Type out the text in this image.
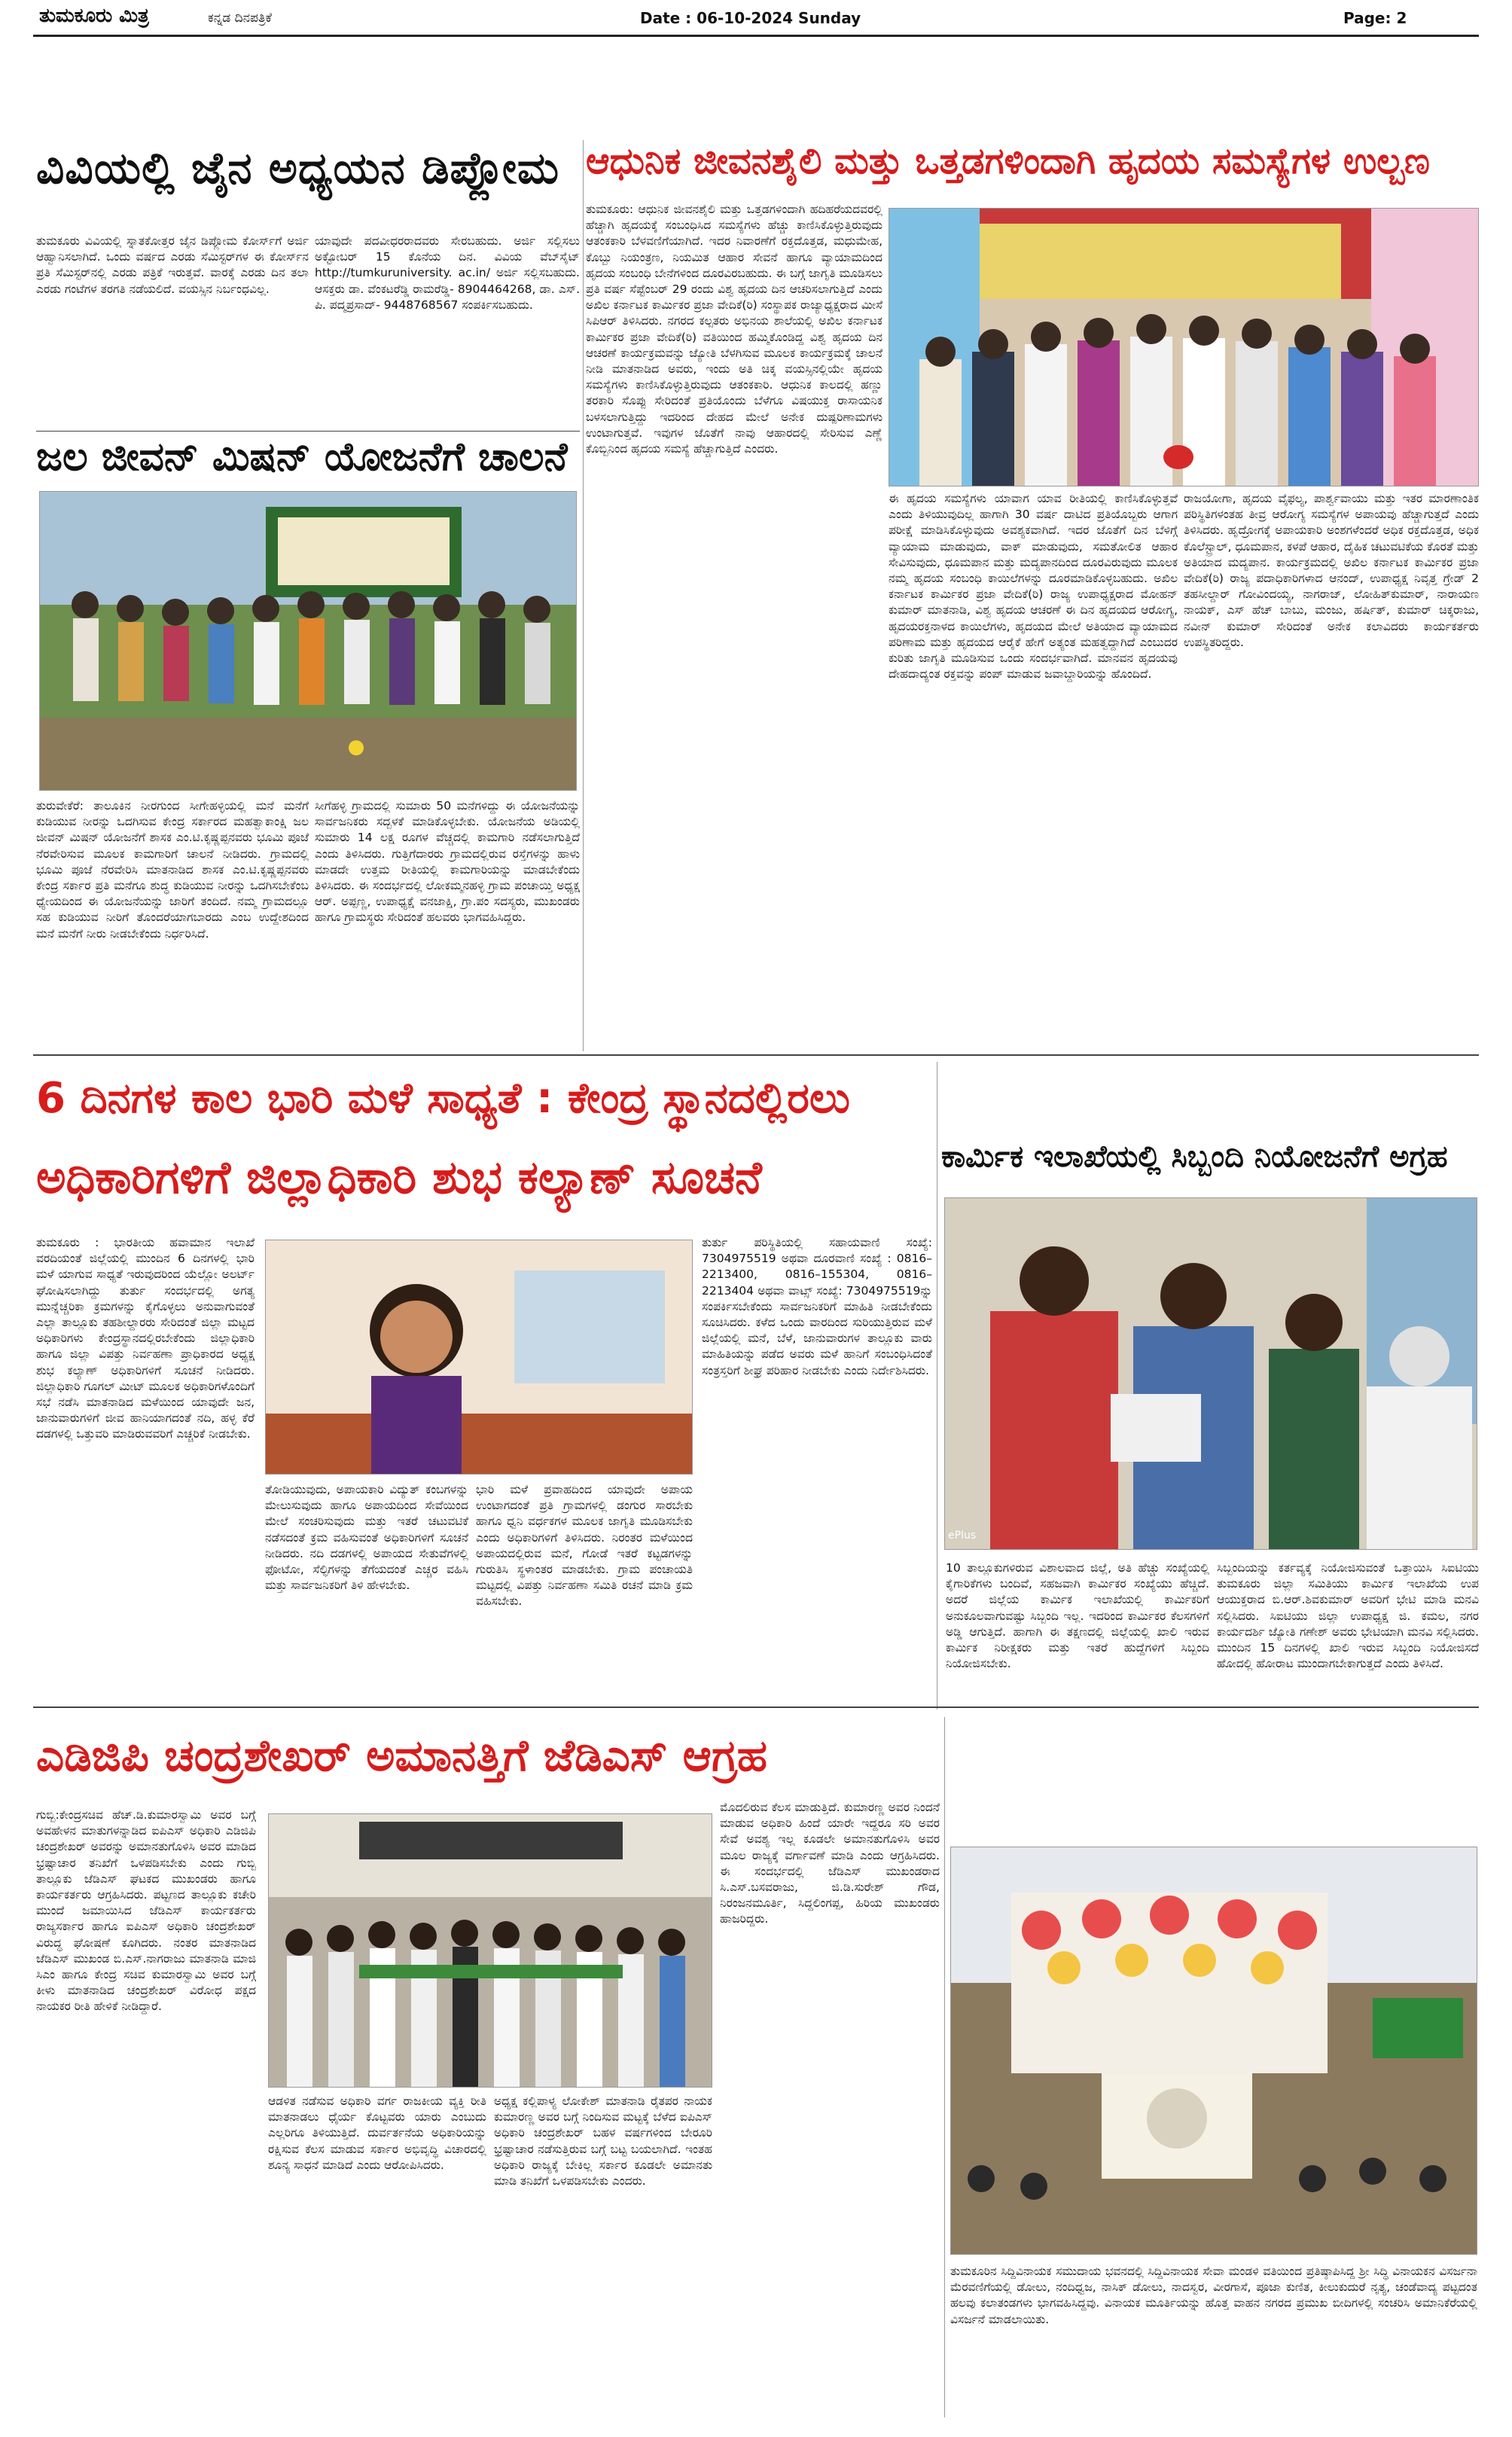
ತುಮಕೂರು ಮಿತ್ರ	ಕನ್ನಡ ದಿನಪತ್ರಿಕೆ	Date : 06-10-2024 Sunday	Page: 2
ವಿವಿಯಲ್ಲಿ ಜೈನ ಅಧ್ಯಯನ ಡಿಪ್ಲೋಮ
ತುಮಕೂರು ವಿವಿಯಲ್ಲಿ ಸ್ನಾತಕೋತ್ತರ ಜೈನ ಡಿಪ್ಲೋಮ ಕೋರ್ಸ್‌ಗೆ ಅರ್ಜಿ ಆಹ್ವಾನಿಸಲಾಗಿದೆ. ಒಂದು ವರ್ಷದ ಎರಡು ಸೆಮಿಸ್ಟರ್‌ಗಳ ಈ ಕೋರ್ಸ್‌ನ ಪ್ರತಿ ಸೆಮಿಸ್ಟರ್‌ನಲ್ಲಿ ಎರಡು ಪತ್ರಿಕೆ ಇರುತ್ತವೆ. ವಾರಕ್ಕೆ ಎರಡು ದಿನ ತಲಾ ಎರಡು ಗಂಟೆಗಳ ತರಗತಿ ನಡೆಯಲಿದೆ. ವಯಸ್ಸಿನ ನಿರ್ಬಂಧವಿಲ್ಲ.
ಯಾವುದೇ ಪದವೀಧರರಾದವರು ಸೇರಬಹುದು. ಅರ್ಜಿ ಸಲ್ಲಿಸಲು ಅಕ್ಟೋಬರ್ 15 ಕೊನೆಯ ದಿನ. ವಿವಿಯ ವೆಬ್‌ಸೈಟ್ http://tumkuruniversity. ac.in/ ಅರ್ಜಿ ಸಲ್ಲಿಸಬಹುದು. ಆಸಕ್ತರು ಡಾ. ವೆಂಕಟರೆಡ್ಡಿ ರಾಮರೆಡ್ಡಿ- 8904464268, ಡಾ. ಎಸ್. ಪಿ. ಪದ್ಮಪ್ರಸಾದ್- 9448768567 ಸಂಪರ್ಕಿಸಬಹುದು.
ಜಲ ಜೀವನ್ ಮಿಷನ್ ಯೋಜನೆಗೆ ಚಾಲನೆ
ತುರುವೇಕೆರೆ: ತಾಲೂಕಿನ ನೀರಗುಂದ ಸೀಗೇಹಳ್ಳಿಯಲ್ಲಿ ಮನೆ ಮನೆಗೆ ಕುಡಿಯುವ ನೀರನ್ನು ಒದಗಿಸುವ ಕೇಂದ್ರ ಸರ್ಕಾರದ ಮಹತ್ವಾಕಾಂಕ್ಷಿ ಜಲ ಜೀವನ್ ಮಿಷನ್ ಯೋಜನೆಗೆ ಶಾಸಕ ಎಂ.ಟಿ.ಕೃಷ್ಣಪ್ಪನವರು ಭೂಮಿ ಪೂಜೆ ನೆರವೇರಿಸುವ ಮೂಲಕ ಕಾಮಗಾರಿಗೆ ಚಾಲನೆ ನೀಡಿದರು. ಗ್ರಾಮದಲ್ಲಿ ಭೂಮಿ ಪೂಜೆ ನೆರವೇರಿಸಿ ಮಾತನಾಡಿದ ಶಾಸಕ ಎಂ.ಟಿ.ಕೃಷ್ಣಪ್ಪನವರು ಕೇಂದ್ರ ಸರ್ಕಾರ ಪ್ರತಿ ಮನೆಗೂ ಶುದ್ಧ ಕುಡಿಯುವ ನೀರನ್ನು ಒದಗಿಸಬೇಕೆಂಬ ಧ್ಯೇಯದಿಂದ ಈ ಯೋಜನೆಯನ್ನು ಜಾರಿಗೆ ತಂದಿದೆ. ನಮ್ಮ ಗ್ರಾಮದಲ್ಲೂ ಸಹ ಕುಡಿಯುವ ನೀರಿಗೆ ತೊಂದರೆಯಾಗಬಾರದು ಎಂಬ ಉದ್ದೇಶದಿಂದ ಮನೆ ಮನೆಗೆ ನೀರು ನೀಡಬೇಕೆಂದು ನಿರ್ಧರಿಸಿದೆ.
ಸೀಗೆಹಳ್ಳಿ ಗ್ರಾಮದಲ್ಲಿ ಸುಮಾರು 50 ಮನೆಗಳಿದ್ದು ಈ ಯೋಜನೆಯನ್ನು ಸಾರ್ವಜನಿಕರು ಸದ್ಬಳಕೆ ಮಾಡಿಕೊಳ್ಳಬೇಕು. ಯೋಜನೆಯ ಅಡಿಯಲ್ಲಿ ಸುಮಾರು 14 ಲಕ್ಷ ರೂಗಳ ವೆಚ್ಚದಲ್ಲಿ ಕಾಮಗಾರಿ ನಡೆಸಲಾಗುತ್ತಿದೆ ಎಂದು ತಿಳಿಸಿದರು. ಗುತ್ತಿಗೆದಾರರು ಗ್ರಾಮದಲ್ಲಿರುವ ರಸ್ತೆಗಳನ್ನು ಹಾಳು ಮಾಡದೇ ಉತ್ತಮ ರೀತಿಯಲ್ಲಿ ಕಾಮಗಾರಿಯನ್ನು ಮಾಡಬೇಕೆಂದು ತಿಳಿಸಿದರು. ಈ ಸಂದರ್ಭದಲ್ಲಿ ಲೋಕಮ್ಮನಹಳ್ಳಿ ಗ್ರಾಮ ಪಂಚಾಯ್ತಿ ಅಧ್ಯಕ್ಷ ಆರ್. ಅಪ್ಪಣ್ಣ, ಉಪಾಧ್ಯಕ್ಷೆ ವನಜಾಕ್ಷಿ, ಗ್ರಾ.ಪಂ ಸದಸ್ಯರು, ಮುಖಂಡರು ಹಾಗೂ ಗ್ರಾಮಸ್ಥರು ಸೇರಿದಂತೆ ಹಲವರು ಭಾಗವಹಿಸಿದ್ದರು.
ಆಧುನಿಕ ಜೀವನಶೈಲಿ ಮತ್ತು ಒತ್ತಡಗಳಿಂದಾಗಿ ಹೃದಯ ಸಮಸ್ಯೆಗಳ ಉಲ್ಬಣ
ತುಮಕೂರು: ಆಧುನಿಕ ಜೀವನಶೈಲಿ ಮತ್ತು ಒತ್ತಡಗಳಿಂದಾಗಿ ಹದಿಹರೆಯದವರಲ್ಲಿ ಹೆಚ್ಚಾಗಿ ಹೃದಯಕ್ಕೆ ಸಂಬಂಧಿಸಿದ ಸಮಸ್ಯೆಗಳು ಹೆಚ್ಚು ಕಾಣಿಸಿಕೊಳ್ಳುತ್ತಿರುವುದು ಆತಂಕಕಾರಿ ಬೆಳವಣಿಗೆಯಾಗಿದೆ. ಇದರ ನಿವಾರಣೆಗೆ ರಕ್ತದೊತ್ತಡ, ಮಧುಮೇಹ, ಕೊಬ್ಬು ನಿಯಂತ್ರಣ, ನಿಯಮಿತ ಆಹಾರ ಸೇವನೆ ಹಾಗೂ ವ್ಯಾಯಾಮದಿಂದ ಹೃದಯ ಸಂಬಂಧಿ ಬೇನೆಗಳಿಂದ ದೂರವಿರಬಹುದು. ಈ ಬಗ್ಗೆ ಜಾಗೃತಿ ಮೂಡಿಸಲು ಪ್ರತಿ ವರ್ಷ ಸೆಪ್ಟೆಂಬರ್ 29 ರಂದು ವಿಶ್ವ ಹೃದಯ ದಿನ ಆಚರಿಸಲಾಗುತ್ತಿದೆ ಎಂದು ಅಖಿಲ ಕರ್ನಾಟಕ ಕಾರ್ಮಿಕರ ಪ್ರಜಾ ವೇದಿಕೆ(ರಿ) ಸಂಸ್ಥಾಪಕ ರಾಜ್ಯಾಧ್ಯಕ್ಷರಾದ ಮೀಸೆ ಸಿಪಿಆರ್ ತಿಳಿಸಿದರು. ನಗರದ ಕಲ್ಪತರು ಅಭಿನಯ ಶಾಲೆಯಲ್ಲಿ ಅಖಿಲ ಕರ್ನಾಟಕ ಕಾರ್ಮಿಕರ ಪ್ರಜಾ ವೇದಿಕೆ(ರಿ) ವತಿಯಿಂದ ಹಮ್ಮಿಕೊಂಡಿದ್ದ ವಿಶ್ವ ಹೃದಯ ದಿನ ಆಚರಣೆ ಕಾರ್ಯಕ್ರಮವನ್ನು ಜ್ಯೋತಿ ಬೆಳಗಿಸುವ ಮೂಲಕ ಕಾರ್ಯಕ್ರಮಕ್ಕೆ ಚಾಲನೆ ನೀಡಿ ಮಾತನಾಡಿದ ಅವರು, ಇಂದು ಅತಿ ಚಿಕ್ಕ ವಯಸ್ಸಿನಲ್ಲಿಯೇ ಹೃದಯ ಸಮಸ್ಯೆಗಳು ಕಾಣಿಸಿಕೊಳ್ಳುತ್ತಿರುವುದು ಆತಂಕಕಾರಿ. ಆಧುನಿಕ ಕಾಲದಲ್ಲಿ ಹಣ್ಣು ತರಕಾರಿ ಸೊಪ್ಪು ಸೇರಿದಂತೆ ಪ್ರತಿಯೊಂದು ಬೆಳೆಗೂ ವಿಷಯುಕ್ತ ರಾಸಾಯನಿಕ ಬಳಸಲಾಗುತ್ತಿದ್ದು ಇದರಿಂದ ದೇಹದ ಮೇಲೆ ಅನೇಕ ದುಷ್ಪರಿಣಾಮಗಳು ಉಂಟಾಗುತ್ತವೆ. ಇವುಗಳ ಜೊತೆಗೆ ನಾವು ಆಹಾರದಲ್ಲಿ ಸೇರಿಸುವ ಎಣ್ಣೆ ಕೊಬ್ಬಿನಿಂದ ಹೃದಯ ಸಮಸ್ಯೆ ಹೆಚ್ಚಾಗುತ್ತಿದೆ ಎಂದರು.
ಈ ಹೃದಯ ಸಮಸ್ಯೆಗಳು ಯಾವಾಗ ಯಾವ ರೀತಿಯಲ್ಲಿ ಕಾಣಿಸಿಕೊಳ್ಳುತ್ತವೆ ಎಂದು ತಿಳಿಯುವುದಿಲ್ಲ ಹಾಗಾಗಿ 30 ವರ್ಷ ದಾಟಿದ ಪ್ರತಿಯೊಬ್ಬರು ಆಗಾಗ ಪರೀಕ್ಷೆ ಮಾಡಿಸಿಕೊಳ್ಳುವುದು ಅವಶ್ಯಕವಾಗಿದೆ. ಇದರ ಜೊತೆಗೆ ದಿನ ಬೆಳಿಗ್ಗೆ ವ್ಯಾಯಾಮ ಮಾಡುವುದು, ವಾಕ್ ಮಾಡುವುದು, ಸಮತೋಲಿತ ಆಹಾರ ಸೇವಿಸುವುದು, ಧೂಮಪಾನ ಮತ್ತು ಮದ್ಯಪಾನದಿಂದ ದೂರವಿರುವುದು ಮೂಲಕ ನಮ್ಮ ಹೃದಯ ಸಂಬಂಧಿ ಕಾಯಿಲೆಗಳನ್ನು ದೂರಮಾಡಿಕೊಳ್ಳಬಹುದು. ಅಖಿಲ ಕರ್ನಾಟಕ ಕಾರ್ಮಿಕರ ಪ್ರಜಾ ವೇದಿಕೆ(ರಿ) ರಾಜ್ಯ ಉಪಾಧ್ಯಕ್ಷರಾದ ಮೋಹನ್ ಕುಮಾರ್ ಮಾತನಾಡಿ, ವಿಶ್ವ ಹೃದಯ ಆಚರಣೆ ಈ ದಿನ ಹೃದಯದ ಆರೋಗ್ಯ, ಹೃದಯರಕ್ತನಾಳದ ಕಾಯಿಲೆಗಳು, ಹೃದಯದ ಮೇಲೆ ಅತಿಯಾದ ವ್ಯಾಯಾಮದ ಪರಿಣಾಮ ಮತ್ತು ಹೃದಯದ ಆರೈಕೆ ಹೇಗೆ ಅತ್ಯಂತ ಮಹತ್ವದ್ದಾಗಿದೆ ಎಂಬುದರ ಕುರಿತು ಜಾಗೃತಿ ಮೂಡಿಸುವ ಒಂದು ಸಂದರ್ಭವಾಗಿದೆ. ಮಾನವನ ಹೃದಯವು ದೇಹದಾದ್ಯಂತ ರಕ್ತವನ್ನು ಪಂಪ್ ಮಾಡುವ ಜವಾಬ್ದಾರಿಯನ್ನು ಹೊಂದಿದೆ.
ರಾಜಯೋಗಾ, ಹೃದಯ ವೈಫಲ್ಯ, ಪಾರ್ಶ್ವವಾಯು ಮತ್ತು ಇತರ ಮಾರಣಾಂತಿಕ ಪರಿಸ್ಥಿತಿಗಳಂತಹ ತೀವ್ರ ಆರೋಗ್ಯ ಸಮಸ್ಯೆಗಳ ಅಪಾಯವು ಹೆಚ್ಚಾಗುತ್ತದೆ ಎಂದು ತಿಳಿಸಿದರು. ಹೃದ್ರೋಗಕ್ಕೆ ಅಪಾಯಕಾರಿ ಅಂಶಗಳೆಂದರೆ ಅಧಿಕ ರಕ್ತದೊತ್ತಡ, ಅಧಿಕ ಕೊಲೆಸ್ಟ್ರಾಲ್, ಧೂಮಪಾನ, ಕಳಪೆ ಆಹಾರ, ದೈಹಿಕ ಚಟುವಟಿಕೆಯ ಕೊರತೆ ಮತ್ತು ಅತಿಯಾದ ಮದ್ಯಪಾನ. ಕಾರ್ಯಕ್ರಮದಲ್ಲಿ ಅಖಿಲ ಕರ್ನಾಟಕ ಕಾರ್ಮಿಕರ ಪ್ರಜಾ ವೇದಿಕೆ(ರಿ) ರಾಜ್ಯ ಪದಾಧಿಕಾರಿಗಳಾದ ಆನಂದ್, ಉಪಾಧ್ಯಕ್ಷ ನಿವೃತ್ತ ಗ್ರೇಡ್ 2 ತಹಸೀಲ್ದಾರ್ ಗೋವಿಂದಯ್ಯ, ನಾಗರಾಜ್, ಲೋಹಿತ್‌ಕುಮಾರ್, ನಾರಾಯಣ ನಾಯಕ್, ಎಸ್ ಹೆಚ್ ಬಾಬು, ಮಂಜು, ಹರ್ಷಿತ್, ಕುಮಾರ್ ಚಿಕ್ಕರಾಜು, ನವೀನ್ ಕುಮಾರ್ ಸೇರಿದಂತೆ ಅನೇಕ ಕಲಾವಿದರು ಕಾರ್ಯಕರ್ತರು ಉಪಸ್ಥಿತರಿದ್ದರು.
6 ದಿನಗಳ ಕಾಲ ಭಾರಿ ಮಳೆ ಸಾಧ್ಯತೆ : ಕೇಂದ್ರ ಸ್ಥಾನದಲ್ಲಿರಲು
ಅಧಿಕಾರಿಗಳಿಗೆ ಜಿಲ್ಲಾಧಿಕಾರಿ ಶುಭ ಕಲ್ಯಾಣ್ ಸೂಚನೆ
ತುಮಕೂರು : ಭಾರತೀಯ ಹವಾಮಾನ ಇಲಾಖೆ ವರದಿಯಂತೆ ಜಿಲ್ಲೆಯಲ್ಲಿ ಮುಂದಿನ 6 ದಿನಗಳಲ್ಲಿ ಭಾರಿ ಮಳೆ ಯಾಗುವ ಸಾಧ್ಯತೆ ಇರುವುದರಿಂದ ಯೆಲ್ಲೋ ಅಲರ್ಟ್ ಘೋಷಿಸಲಾಗಿದ್ದು ತುರ್ತು ಸಂದರ್ಭದಲ್ಲಿ ಅಗತ್ಯ ಮುನ್ನೆಚ್ಚರಿಕಾ ಕ್ರಮಗಳನ್ನು ಕೈಗೊಳ್ಳಲು ಅನುವಾಗುವಂತೆ ಎಲ್ಲಾ ತಾಲ್ಲೂಕು ತಹಶೀಲ್ದಾರರು ಸೇರಿದಂತೆ ಜಿಲ್ಲಾ ಮಟ್ಟದ ಅಧಿಕಾರಿಗಳು ಕೇಂದ್ರಸ್ಥಾನದಲ್ಲಿರಬೇಕೆಂದು ಜಿಲ್ಲಾಧಿಕಾರಿ ಹಾಗೂ ಜಿಲ್ಲಾ ವಿಪತ್ತು ನಿರ್ವಹಣಾ ಪ್ರಾಧಿಕಾರದ ಅಧ್ಯಕ್ಷ ಶುಭ ಕಲ್ಯಾಣ್ ಅಧಿಕಾರಿಗಳಿಗೆ ಸೂಚನೆ ನೀಡಿದರು. ಜಿಲ್ಲಾಧಿಕಾರಿ ಗೂಗಲ್ ಮೀಟ್ ಮೂಲಕ ಅಧಿಕಾರಿಗಳೊಂದಿಗೆ ಸಭೆ ನಡೆಸಿ ಮಾತನಾಡಿದ ಮಳೆಯಿಂದ ಯಾವುದೇ ಜನ, ಜಾನುವಾರುಗಳಿಗೆ ಜೀವ ಹಾನಿಯಾಗದಂತೆ ನದಿ, ಹಳ್ಳ ಕೆರೆ ದಡಗಳಲ್ಲಿ ಒತ್ತುವರಿ ಮಾಡಿರುವವರಿಗೆ ಎಚ್ಚರಿಕೆ ನೀಡಬೇಕು.
ತೋಡಿಯುವುದು, ಅಪಾಯಕಾರಿ ವಿದ್ಯುತ್ ಕಂಬಗಳನ್ನು ಮೇಲುಸುವುದು ಹಾಗೂ ಅಪಾಯದಿಂದ ಸೇವೆಯಿಂದ ಮೇಲೆ ಸಂಚರಿಸುವುದು ಮತ್ತು ಇತರೆ ಚಟುವಟಿಕೆ ನಡೆಸದಂತೆ ಕ್ರಮ ವಹಿಸುವಂತೆ ಅಧಿಕಾರಿಗಳಿಗೆ ಸೂಚನೆ ನೀಡಿದರು. ನದಿ ದಡಗಳಲ್ಲಿ ಅಪಾಯದ ಸೇತುವೆಗಳಲ್ಲಿ ಫೋಟೋ, ಸೆಲ್ಫಿಗಳನ್ನು ತೆಗೆಯದಂತೆ ಎಚ್ಚರ ವಹಿಸಿ ಮತ್ತು ಸಾರ್ವಜನಿಕರಿಗೆ ತಿಳಿ ಹೇಳಬೇಕು.
ಭಾರಿ ಮಳೆ ಪ್ರವಾಹದಿಂದ ಯಾವುದೇ ಅಪಾಯ ಉಂಟಾಗದಂತೆ ಪ್ರತಿ ಗ್ರಾಮಗಳಲ್ಲಿ ಡಂಗುರ ಸಾರಬೇಕು ಹಾಗೂ ಧ್ವನಿ ವರ್ಧಕಗಳ ಮೂಲಕ ಜಾಗೃತಿ ಮೂಡಿಸಬೇಕು ಎಂದು ಅಧಿಕಾರಿಗಳಿಗೆ ತಿಳಿಸಿದರು. ನಿರಂತರ ಮಳೆಯಿಂದ ಅಪಾಯದಲ್ಲಿರುವ ಮನೆ, ಗೋಡೆ ಇತರೆ ಕಟ್ಟಡಗಳನ್ನು ಗುರುತಿಸಿ ಸ್ಥಳಾಂತರ ಮಾಡಬೇಕು. ಗ್ರಾಮ ಪಂಚಾಯತಿ ಮಟ್ಟದಲ್ಲಿ ವಿಪತ್ತು ನಿರ್ವಹಣಾ ಸಮಿತಿ ರಚನೆ ಮಾಡಿ ಕ್ರಮ ವಹಿಸಬೇಕು.
ತುರ್ತು ಪರಿಸ್ಥಿತಿಯಲ್ಲಿ ಸಹಾಯವಾಣಿ ಸಂಖ್ಯೆ: 7304975519 ಅಥವಾ ದೂರವಾಣಿ ಸಂಖ್ಯೆ : 0816–2213400, 0816–155304, 0816–2213404 ಅಥವಾ ವಾಟ್ಸ್ ಸಂಖ್ಯೆ: 7304975519ನ್ನು ಸಂಪರ್ಕಿಸಬೇಕೆಂದು ಸಾರ್ವಜನಿಕರಿಗೆ ಮಾಹಿತಿ ನೀಡಬೇಕೆಂದು ಸೂಚಿಸಿದರು. ಕಳೆದ ಒಂದು ವಾರದಿಂದ ಸುರಿಯುತ್ತಿರುವ ಮಳೆ ಜಿಲ್ಲೆಯಲ್ಲಿ ಮನೆ, ಬೆಳೆ, ಜಾನುವಾರುಗಳ ತಾಲ್ಲೂಕು ವಾರು ಮಾಹಿತಿಯನ್ನು ಪಡೆದ ಅವರು ಮಳೆ ಹಾನಿಗೆ ಸಂಬಂಧಿಸಿದಂತೆ ಸಂತ್ರಸ್ತರಿಗೆ ಶೀಘ್ರ ಪರಿಹಾರ ನೀಡಬೇಕು ಎಂದು ನಿರ್ದೇಶಿಸಿದರು.
ಕಾರ್ಮಿಕ ಇಲಾಖೆಯಲ್ಲಿ ಸಿಬ್ಬಂದಿ ನಿಯೋಜನೆಗೆ ಅಗ್ರಹ
ePlus
10 ತಾಲ್ಲೂಕುಗಳಿರುವ ವಿಶಾಲವಾದ ಜಿಲ್ಲೆ, ಅತಿ ಹೆಚ್ಚು ಸಂಖ್ಯೆಯಲ್ಲಿ ಕೈಗಾರಿಕೆಗಳು ಬಂದಿವೆ, ಸಹಜವಾಗಿ ಕಾರ್ಮಿಕರ ಸಂಖ್ಯೆಯು ಹೆಚ್ಚಿದೆ. ಅದರೆ ಜಿಲ್ಲೆಯ ಕಾರ್ಮಿಕ ಇಲಾಖೆಯಲ್ಲಿ ಕಾರ್ಮಿಕರಿಗೆ ಅನುಕೂಲವಾಗುವಷ್ಟು ಸಿಬ್ಬಂದಿ ಇಲ್ಲ. ಇದರಿಂದ ಕಾರ್ಮಿಕರ ಕೆಲಸಗಳಿಗೆ ಅಡ್ಡಿ ಆಗುತ್ತಿದೆ. ಹಾಗಾಗಿ ಈ ತಕ್ಷಣದಲ್ಲಿ ಜಿಲ್ಲೆಯಲ್ಲಿ ಖಾಲಿ ಇರುವ ಕಾರ್ಮಿಕ ನಿರೀಕ್ಷಕರು ಮತ್ತು ಇತರೆ ಹುದ್ದೆಗಳಿಗೆ ಸಿಬ್ಬಂದಿ ನಿಯೋಜಿಸಬೇಕು.
ಸಿಬ್ಬಂದಿಯನ್ನು ಕರ್ತವ್ಯಕ್ಕೆ ನಿಯೋಜಿಸುವಂತೆ ಒತ್ತಾಯಿಸಿ ಸಿಐಟಿಯು ತುಮಕೂರು ಜಿಲ್ಲಾ ಸಮಿತಿಯು ಕಾರ್ಮಿಕ ಇಲಾಖೆಯ ಉಪ ಆಯುಕ್ತರಾದ ಬಿ.ಆರ್.ಶಿವಕುಮಾರ್ ಅವರಿಗೆ ಭೇಟಿ ಮಾಡಿ ಮನವಿ ಸಲ್ಲಿಸಿದರು. ಸಿಐಟಿಯು ಜಿಲ್ಲಾ ಉಪಾಧ್ಯಕ್ಷ ಜಿ. ಕಮಲ, ನಗರ ಕಾರ್ಯದರ್ಶಿ ಜ್ಯೋತಿ ಗಣೇಶ್ ಅವರು ಭೇಟಿಯಾಗಿ ಮನವಿ ಸಲ್ಲಿಸಿದರು. ಮುಂದಿನ 15 ದಿನಗಳಲ್ಲಿ ಖಾಲಿ ಇರುವ ಸಿಬ್ಬಂದಿ ನಿಯೋಜಿಸದೆ ಹೋದಲ್ಲಿ ಹೋರಾಟ ಮುಂದಾಗಬೇಕಾಗುತ್ತದೆ ಎಂದು ತಿಳಿಸಿದೆ.
ಎಡಿಜಿಪಿ ಚಂದ್ರಶೇಖರ್ ಅಮಾನತ್ತಿಗೆ ಜೆಡಿಎಸ್ ಆಗ್ರಹ
ಗುಬ್ಬಿ:ಕೇಂದ್ರಸಚಿವ ಹೆಚ್.ಡಿ.ಕುಮಾರಸ್ವಾಮಿ ಅವರ ಬಗ್ಗೆ ಅವಹೇಳನ ಮಾತುಗಳನ್ನಾಡಿದ ಐಪಿಎಸ್ ಅಧಿಕಾರಿ ಎಡಿಜಿಪಿ ಚಂದ್ರಶೇಖರ್ ಅವರನ್ನು ಅಮಾನತುಗೊಳಿಸಿ ಅವರ ಮಾಡಿದ ಭ್ರಷ್ಟಾಚಾರ ತನಿಖೆಗೆ ಒಳಪಡಿಸಬೇಕು ಎಂದು ಗುಬ್ಬಿ ತಾಲ್ಲೂಕು ಜೆಡಿಎಸ್ ಘಟಕದ ಮುಖಂಡರು ಹಾಗೂ ಕಾರ್ಯಕರ್ತರು ಆಗ್ರಹಿಸಿದರು. ಪಟ್ಟಣದ ತಾಲ್ಲೂಕು ಕಚೇರಿ ಮುಂದೆ ಜಮಾಯಿಸಿದ ಜೆಡಿಎಸ್ ಕಾರ್ಯಕರ್ತರು ರಾಜ್ಯಸರ್ಕಾರ ಹಾಗೂ ಐಪಿಎಸ್ ಅಧಿಕಾರಿ ಚಂದ್ರಶೇಖರ್ ವಿರುದ್ಧ ಘೋಷಣೆ ಕೂಗಿದರು. ನಂತರ ಮಾತನಾಡಿದ ಜೆಡಿಎಸ್ ಮುಖಂಡ ಬಿ.ಎಸ್.ನಾಗರಾಜು ಮಾತನಾಡಿ ಮಾಜಿ ಸಿಎಂ ಹಾಗೂ ಕೇಂದ್ರ ಸಚಿವ ಕುಮಾರಸ್ವಾಮಿ ಅವರ ಬಗ್ಗೆ ಕೀಳು ಮಾತನಾಡಿದ ಚಂದ್ರಶೇಖರ್ ವಿರೋಧ ಪಕ್ಷದ ನಾಯಕರ ರೀತಿ ಹೇಳಿಕೆ ನೀಡಿದ್ದಾರೆ.
ಆಡಳಿತ ನಡೆಸುವ ಅಧಿಕಾರಿ ವರ್ಗ ರಾಜಕೀಯ ವ್ಯಕ್ತಿ ರೀತಿ ಮಾತನಾಡಲು ಧೈರ್ಯ ಕೊಟ್ಟವರು ಯಾರು ಎಂಬುದು ಎಲ್ಲರಿಗೂ ತಿಳಿಯುತ್ತಿದೆ. ದುರ್ವರ್ತನೆಯ ಅಧಿಕಾರಿಯನ್ನು ರಕ್ಷಿಸುವ ಕೆಲಸ ಮಾಡುವ ಸರ್ಕಾರ ಅಭಿವೃದ್ಧಿ ವಿಚಾರದಲ್ಲಿ ಶೂನ್ಯ ಸಾಧನೆ ಮಾಡಿದೆ ಎಂದು ಆರೋಪಿಸಿದರು.
ಅಧ್ಯಕ್ಷ ಕಲ್ಲಿಪಾಳ್ಯ ಲೋಕೇಶ್ ಮಾತನಾಡಿ ರೈತಪರ ನಾಯಕ ಕುಮಾರಣ್ಣ ಅವರ ಬಗ್ಗೆ ನಿಂದಿಸುವ ಮಟ್ಟಕ್ಕೆ ಬೆಳೆದ ಐಪಿಎಸ್ ಅಧಿಕಾರಿ ಚಂದ್ರಶೇಖರ್ ಬಹಳ ವರ್ಷಗಳಿಂದ ಬೇರೂರಿ ಭ್ರಷ್ಟಾಚಾರ ನಡೆಸುತ್ತಿರುವ ಬಗ್ಗೆ ಬಟ್ಟ ಬಯಲಾಗಿದೆ. ಇಂತಹ ಅಧಿಕಾರಿ ರಾಜ್ಯಕ್ಕೆ ಬೇಕಿಲ್ಲ ಸರ್ಕಾರ ಕೂಡಲೇ ಅಮಾನತು ಮಾಡಿ ತನಿಖೆಗೆ ಒಳಪಡಿಸಬೇಕು ಎಂದರು.
ಮೊದಲಿರುವ ಕೆಲಸ ಮಾಡುತ್ತಿದೆ. ಕುಮಾರಣ್ಣ ಅವರ ನಿಂದನೆ ಮಾಡುವ ಅಧಿಕಾರಿ ಹಿಂದೆ ಯಾರೇ ಇದ್ದರೂ ಸರಿ ಅವರ ಸೇವೆ ಅವಶ್ಯ ಇಲ್ಲ ಕೂಡಲೇ ಅಮಾನತುಗೊಳಿಸಿ ಅವರ ಮೂಲ ರಾಜ್ಯಕ್ಕೆ ವರ್ಗಾವಣೆ ಮಾಡಿ ಎಂದು ಆಗ್ರಹಿಸಿದರು. ಈ ಸಂದರ್ಭದಲ್ಲಿ ಜೆಡಿಎಸ್ ಮುಖಂಡರಾದ ಸಿ.ಎಸ್.ಬಸವರಾಜು, ಜಿ.ಡಿ.ಸುರೇಶ್ ಗೌಡ, ನಿರಂಜನಮೂರ್ತಿ, ಸಿದ್ದಲಿಂಗಪ್ಪ, ಹಿರಿಯ ಮುಖಂಡರು ಹಾಜರಿದ್ದರು.
ತುಮಕೂರಿನ ಸಿದ್ದಿವಿನಾಯಕ ಸಮುದಾಯ ಭವನದಲ್ಲಿ ಸಿದ್ದಿವಿನಾಯಕ ಸೇವಾ ಮಂಡಳಿ ವತಿಯಿಂದ ಪ್ರತಿಷ್ಠಾಪಿಸಿದ್ದ ಶ್ರೀ ಸಿದ್ಧಿ ವಿನಾಯಕನ ವಿಸರ್ಜನಾ ಮೆರವಣಿಗೆಯಲ್ಲಿ ಡೋಲು, ನಂದಿಧ್ವಜ, ನಾಸಿಕ್ ಡೋಲು, ನಾದಸ್ವರ, ವೀರಗಾಸೆ, ಪೂಜಾ ಕುಣಿತ, ಕೀಲುಕುದುರೆ ನೃತ್ಯ, ಚಂಡೆವಾದ್ಯ ಪಟ್ಟದಂತ ಹಲವು ಕಲಾತಂಡಗಳು ಭಾಗವಹಿಸಿದ್ದವು. ವಿನಾಯಕ ಮೂರ್ತಿಯನ್ನು ಹೊತ್ತ ವಾಹನ ನಗರದ ಪ್ರಮುಖ ಬೀದಿಗಳಲ್ಲಿ ಸಂಚರಿಸಿ ಅಮಾನಿಕೆರೆಯಲ್ಲಿ ವಿಸರ್ಜನೆ ಮಾಡಲಾಯಿತು.
